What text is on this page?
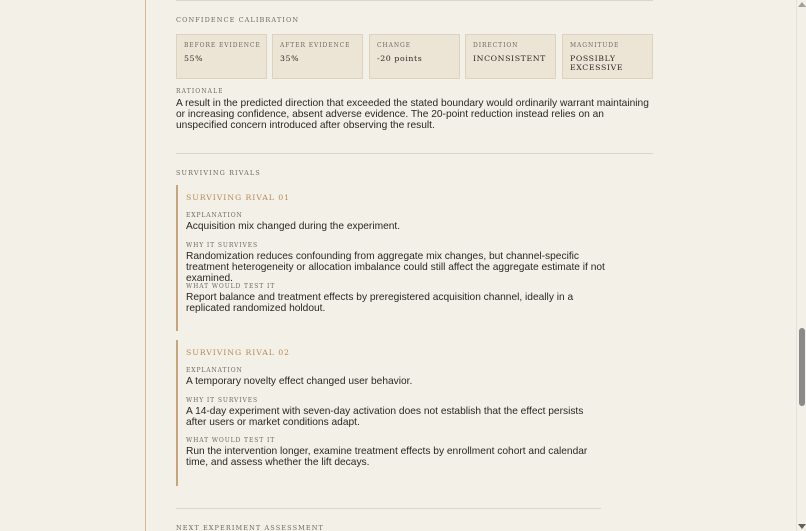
CONFIDENCE CALIBRATION
BEFORE EVIDENCE
55%
AFTER EVIDENCE
35%
CHANGE
-20 points
DIRECTION
INCONSISTENT
MAGNITUDE
POSSIBLY EXCESSIVE
RATIONALE
A result in the predicted direction that exceeded the stated boundary would ordinarily warrant maintaining or increasing confidence, absent adverse evidence. The 20-point reduction instead relies on an unspecified concern introduced after observing the result.
SURVIVING RIVALS
SURVIVING RIVAL 01
EXPLANATION
Acquisition mix changed during the experiment.
WHY IT SURVIVES
Randomization reduces confounding from aggregate mix changes, but channel-specific treatment heterogeneity or allocation imbalance could still affect the aggregate estimate if not examined.
WHAT WOULD TEST IT
Report balance and treatment effects by preregistered acquisition channel, ideally in a replicated randomized holdout.
SURVIVING RIVAL 02
EXPLANATION
A temporary novelty effect changed user behavior.
WHY IT SURVIVES
A 14-day experiment with seven-day activation does not establish that the effect persists after users or market conditions adapt.
WHAT WOULD TEST IT
Run the intervention longer, examine treatment effects by enrollment cohort and calendar time, and assess whether the lift decays.
NEXT EXPERIMENT ASSESSMENT
